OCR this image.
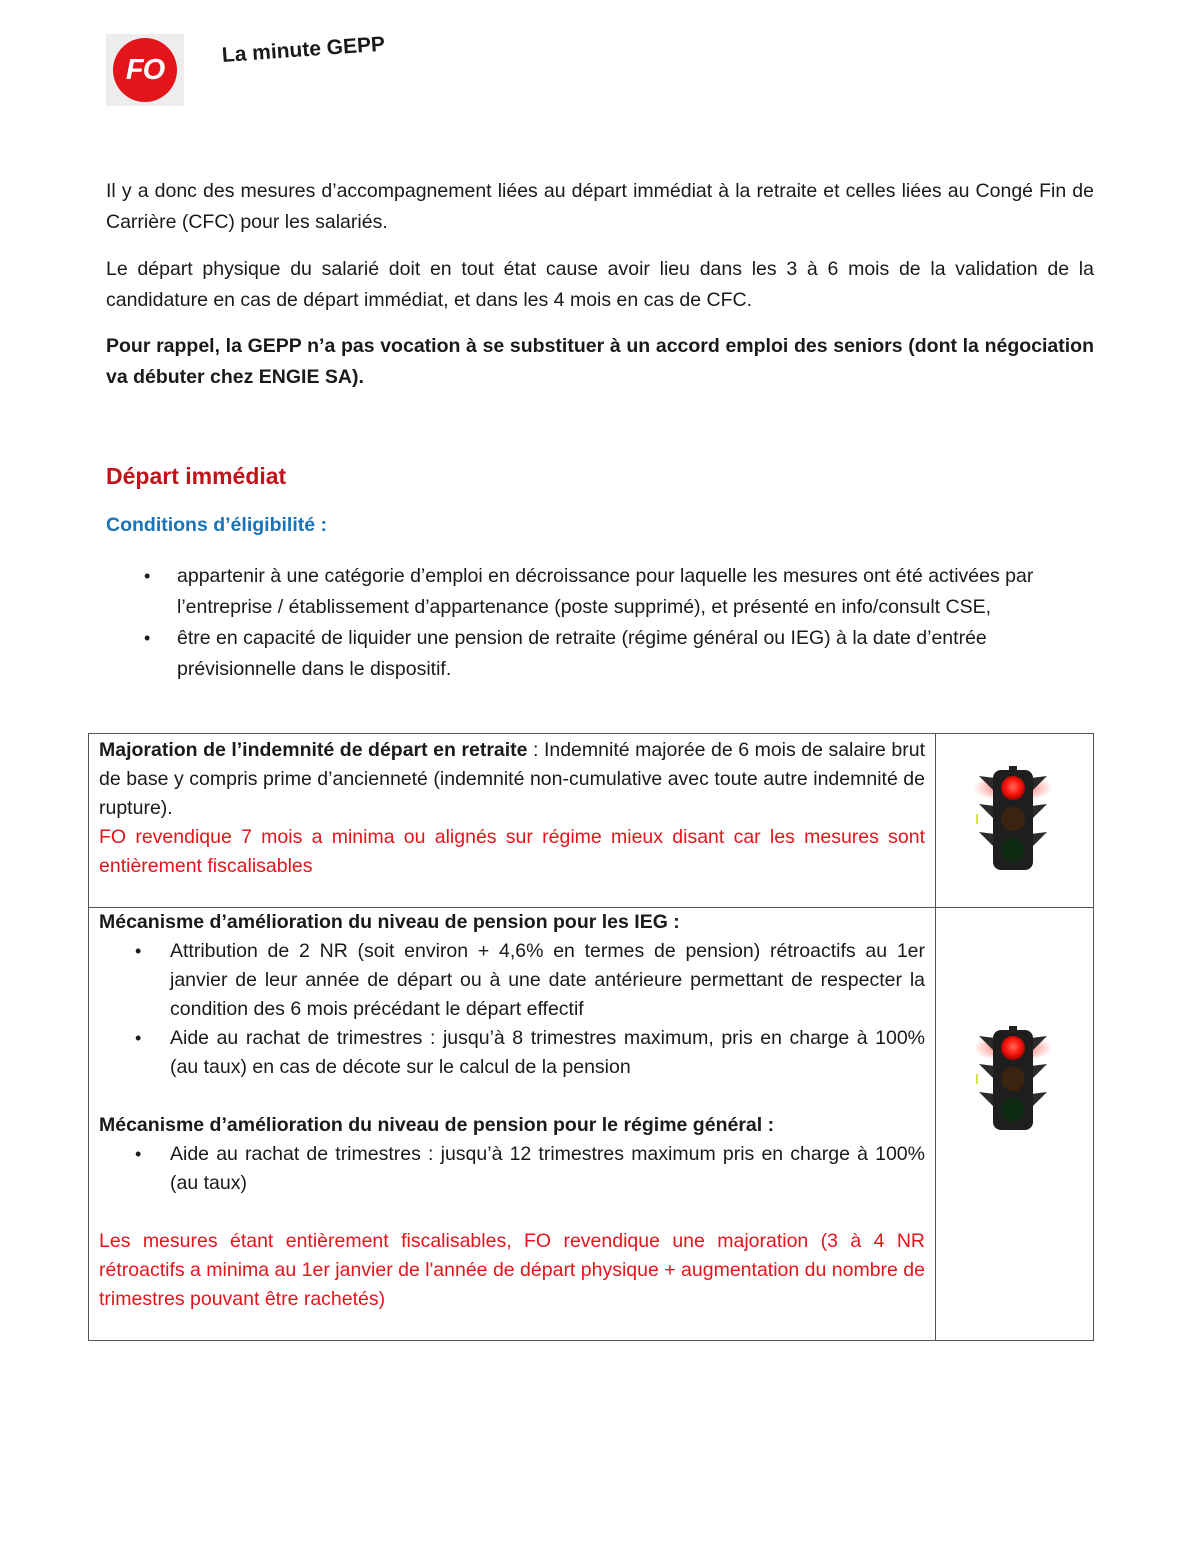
FO
La minute GEPP

Il y a donc des mesures d’accompagnement liées au départ immédiat à la retraite et celles liées au Congé Fin de Carrière (CFC) pour les salariés.

Le départ physique du salarié doit en tout état cause avoir lieu dans les 3 à 6 mois de la validation de la candidature en cas de départ immédiat, et dans les 4 mois en cas de CFC.

Pour rappel, la GEPP n’a pas vocation à se substituer à un accord emploi des seniors (dont la négociation va débuter chez ENGIE SA).

Départ immédiat
Conditions d’éligibilité :
• appartenir à une catégorie d’emploi en décroissance pour laquelle les mesures ont été activées par l’entreprise / établissement d’appartenance (poste supprimé), et présenté en info/consult CSE,
• être en capacité de liquider une pension de retraite (régime général ou IEG) à la date d’entrée prévisionnelle dans le dispositif.
Majoration de l’indemnité de départ en retraite : Indemnité majorée de 6 mois de salaire brut de base y compris prime d’ancienneté (indemnité non-cumulative avec toute autre indemnité de rupture).
FO revendique 7 mois a minima ou alignés sur régime mieux disant car les mesures sont entièrement fiscalisables
Mécanisme d’amélioration du niveau de pension pour les IEG :
• Attribution de 2 NR (soit environ + 4,6% en termes de pension) rétroactifs au 1er janvier de leur année de départ ou à une date antérieure permettant de respecter la condition des 6 mois précédant le départ effectif
• Aide au rachat de trimestres : jusqu’à 8 trimestres maximum, pris en charge à 100% (au taux) en cas de décote sur le calcul de la pension
Mécanisme d’amélioration du niveau de pension pour le régime général :
• Aide au rachat de trimestres : jusqu’à 12 trimestres maximum pris en charge à 100% (au taux)
Les mesures étant entièrement fiscalisables, FO revendique une majoration (3 à 4 NR rétroactifs a minima au 1er janvier de l'année de départ physique + augmentation du nombre de trimestres pouvant être rachetés)
